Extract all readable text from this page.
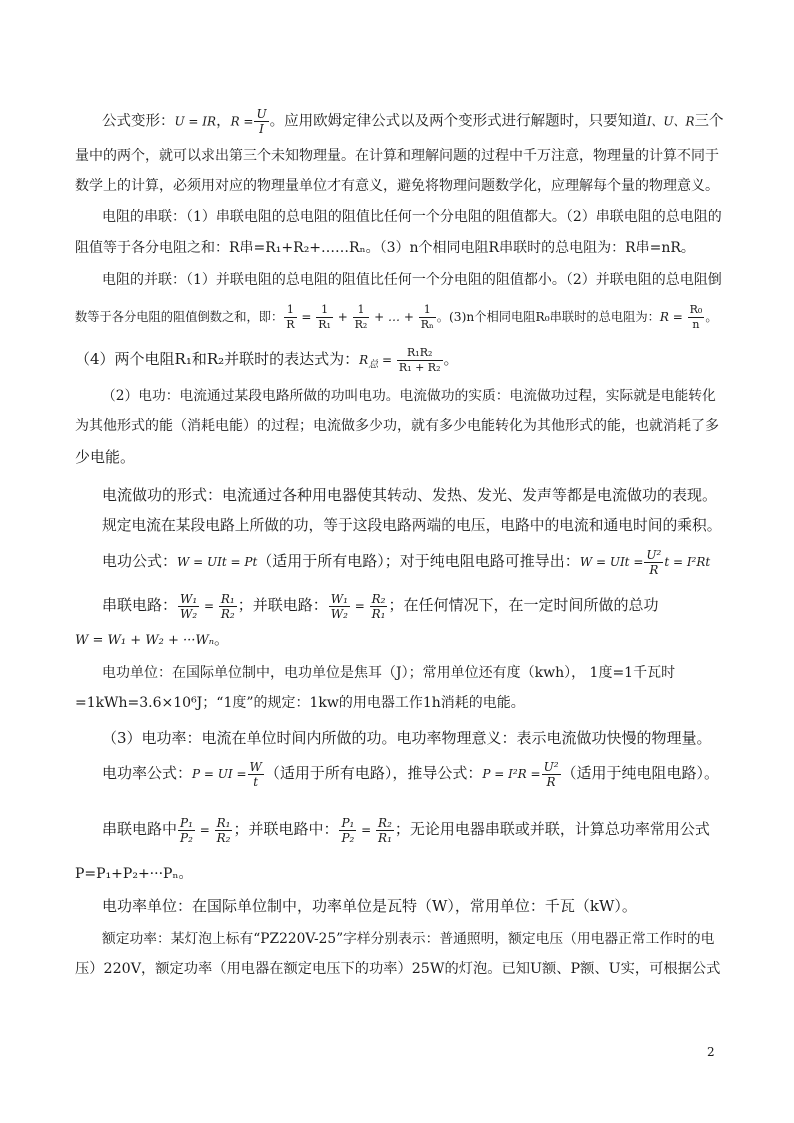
公式变形：U = IR，$R = \frac{U}{I}$ 。应用欧姆定律公式以及两个变形式进行解题时，只要知道I、U、R三个
量中的两个，就可以求出第三个未知物理量。在计算和理解问题的过程中千万注意，物理量的计算不同于
数学上的计算，必须用对应的物理量单位才有意义，避免将物理问题数学化，应理解每个量的物理意义。
电阻的串联：（1）串联电阻的总电阻的阻值比任何一个分电阻的阻值都大。（2）串联电阻的总电阻的
阻值等于各分电阻之和：R串=R₁+R₂+……Rₙ。（3）n个相同电阻R串联时的总电阻为：R串=nR。
电阻的并联：（1）并联电阻的总电阻的阻值比任何一个分电阻的阻值都小。（2）并联电阻的总电阻倒
数等于各分电阻的阻值倒数之和，即： $\frac{1}{R} = \frac{1}{\text{R₁}} + \frac{1}{\text{R₂}}$ + … + $\frac{1}{\text{Rₙ}}$ 。(3)n个相同电阻R₀串联时的总电阻为：$R = \frac{\text{R₀}}{n}$ 。
（4）两个电阻R₁和R₂并联时的表达式为：$R_总 = \frac{\text{R₁R₂}}{\text{R₁ + R₂}}$ 。
（2）电功：电流通过某段电路所做的功叫电功。电流做功的实质：电流做功过程，实际就是电能转化
为其他形式的能（消耗电能）的过程；电流做多少功，就有多少电能转化为其他形式的能，也就消耗了多
少电能。
电流做功的形式：电流通过各种用电器使其转动、发热、发光、发声等都是电流做功的表现。
规定电流在某段电路上所做的功，等于这段电路两端的电压，电路中的电流和通电时间的乘积。
电功公式：W = UIt = Pt（适用于所有电路）；对于纯电阻电路可推导出：W = UIt = $\frac{\text{U²}}{R}$ t = I²Rt
串联电路： $\frac{\text{W₁}}{\text{W₂}} = \frac{\text{R₁}}{\text{R₂}}$ ；并联电路： $\frac{\text{W₁}}{\text{W₂}} = \frac{\text{R₂}}{\text{R₁}}$ ；在任何情况下，在一定时间所做的总功
W = W₁ + W₂ + ···Wₙ。
电功单位：在国际单位制中，电功单位是焦耳（J）；常用单位还有度（kwh）， 1度=1千瓦时
=1kWh=3.6×10⁶J；“1度”的规定：1kw的用电器工作1h消耗的电能。
（3）电功率：电流在单位时间内所做的功。电功率物理意义：表示电流做功快慢的物理量。
电功率公式：P = UI = $\frac{W}{t}$ （适用于所有电路），推导公式：$P = I^2R = \frac{\text{U²}}{R}$ （适用于纯电阻电路）。
串联电路中 $\frac{\text{P₁}}{\text{P₂}} = \frac{\text{R₁}}{\text{R₂}}$ ；并联电路中： $\frac{\text{P₁}}{\text{P₂}} = \frac{\text{R₂}}{\text{R₁}}$ ；无论用电器串联或并联，计算总功率常用公式
P=P₁+P₂+···Pₙ。
电功率单位：在国际单位制中，功率单位是瓦特（W），常用单位：千瓦（kW）。
额定功率：某灯泡上标有“PZ220V-25”字样分别表示：普通照明，额定电压（用电器正常工作时的电
压）220V，额定功率（用电器在额定电压下的功率）25W的灯泡。已知U额、P额、U实，可根据公式
2
